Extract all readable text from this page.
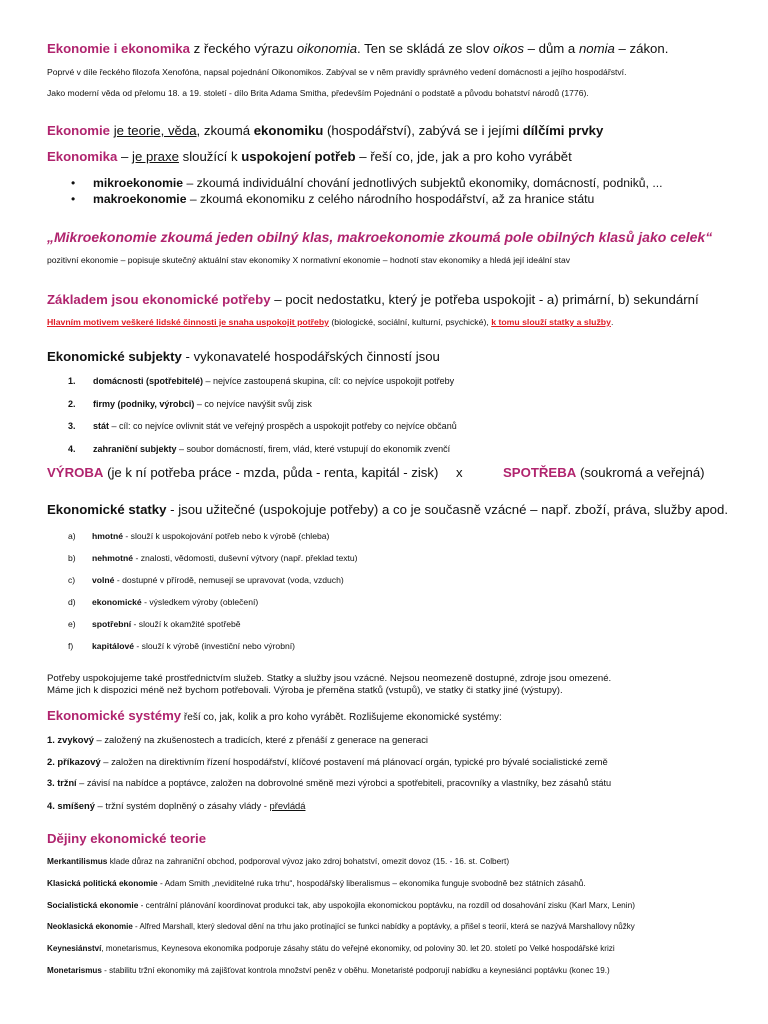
Ekonomie i ekonomika z řeckého výrazu oikonomia. Ten se skládá ze slov oikos – dům a nomia – zákon.
Poprvé v díle řeckého filozofa Xenofóna, napsal pojednání Oikonomikos. Zabýval se v něm pravidly správného vedení domácnosti a jejího hospodářství.
Jako moderní věda od přelomu 18. a 19. století - dílo Brita Adama Smitha, především Pojednání o podstatě a původu bohatství národů (1776).
Ekonomie je teorie, věda, zkoumá ekonomiku (hospodářství), zabývá se i jejími dílčími prvky
Ekonomika – je praxe sloužící k uspokojení potřeb – řeší co, jde, jak a pro koho vyrábět
• mikroekonomie – zkoumá individuální chování jednotlivých subjektů ekonomiky, domácností, podniků, ...
• makroekonomie – zkoumá ekonomiku z celého národního hospodářství, až za hranice státu
„Mikroekonomie zkoumá jeden obilný klas, makroekonomie zkoumá pole obilných klasů jako celek“
pozitivní ekonomie – popisuje skutečný aktuální stav ekonomiky X normativní ekonomie – hodnotí stav ekonomiky a hledá její ideální stav
Základem jsou ekonomické potřeby – pocit nedostatku, který je potřeba uspokojit - a) primární, b) sekundární
Hlavním motivem veškeré lidské činnosti je snaha uspokojit potřeby (biologické, sociální, kulturní, psychické), k tomu slouží statky a služby.
Ekonomické subjekty - vykonavatelé hospodářských činností jsou
1. domácnosti (spotřebitelé) – nejvíce zastoupená skupina, cíl: co nejvíce uspokojit potřeby
2. firmy (podniky, výrobci) – co nejvíce navýšit svůj zisk
3. stát – cíl: co nejvíce ovlivnit stát ve veřejný prospěch a uspokojit potřeby co nejvíce občanů
4. zahraniční subjekty – soubor domácností, firem, vlád, které vstupují do ekonomik zvenčí
VÝROBA (je k ní potřeba práce - mzda, půda - renta, kapitál - zisk)	x	SPOTŘEBA (soukromá a veřejná)
Ekonomické statky - jsou užitečné (uspokojuje potřeby) a co je současně vzácné – např. zboží, práva, služby apod.
a) hmotné - slouží k uspokojování potřeb nebo k výrobě (chleba)
b) nehmotné - znalosti, vědomosti, duševní výtvory (např. překlad textu)
c) volné - dostupné v přírodě, nemusejí se upravovat (voda, vzduch)
d) ekonomické - výsledkem výroby (oblečení)
e) spotřební - slouží k okamžité spotřebě
f) kapitálové - slouží k výrobě (investiční nebo výrobní)
Potřeby uspokojujeme také prostřednictvím služeb. Statky a služby jsou vzácné. Nejsou neomezeně dostupné, zdroje jsou omezené.
Máme jich k dispozici méně než bychom potřebovali. Výroba je přeměna statků (vstupů), ve statky či statky jiné (výstupy).
Ekonomické systémy řeší co, jak, kolik a pro koho vyrábět. Rozlišujeme ekonomické systémy:
1. zvykový – založený na zkušenostech a tradicích, které z přenáší z generace na generaci
2. příkazový – založen na direktivním řízení hospodářství, klíčové postavení má plánovací orgán, typické pro bývalé socialistické země
3. tržní – závisí na nabídce a poptávce, založen na dobrovolné směně mezi výrobci a spotřebiteli, pracovníky a vlastníky, bez zásahů státu
4. smíšený – tržní systém doplněný o zásahy vlády - převládá
Dějiny ekonomické teorie
Merkantilismus klade důraz na zahraniční obchod, podporoval vývoz jako zdroj bohatství, omezit dovoz (15. - 16. st. Colbert)
Klasická politická ekonomie - Adam Smith „neviditelné ruka trhu“, hospodářský liberalismus – ekonomika funguje svobodně bez státních zásahů.
Socialistická ekonomie - centrální plánování koordinovat produkci tak, aby uspokojila ekonomickou poptávku, na rozdíl od dosahování zisku (Karl Marx, Lenin)
Neoklasická ekonomie - Alfred Marshall, který sledoval dění na trhu jako protínající se funkci nabídky a poptávky, a přišel s teorií, která se nazývá Marshallovy nůžky
Keynesiánství, monetarismus, Keynesova ekonomika podporuje zásahy státu do veřejné ekonomiky, od poloviny 30. let 20. století po Velké hospodářské krizi
Monetarismus - stabilitu tržní ekonomiky má zajišťovat kontrola množství peněz v oběhu. Monetaristé podporují nabídku a keynesiánci poptávku (konec 19.)
